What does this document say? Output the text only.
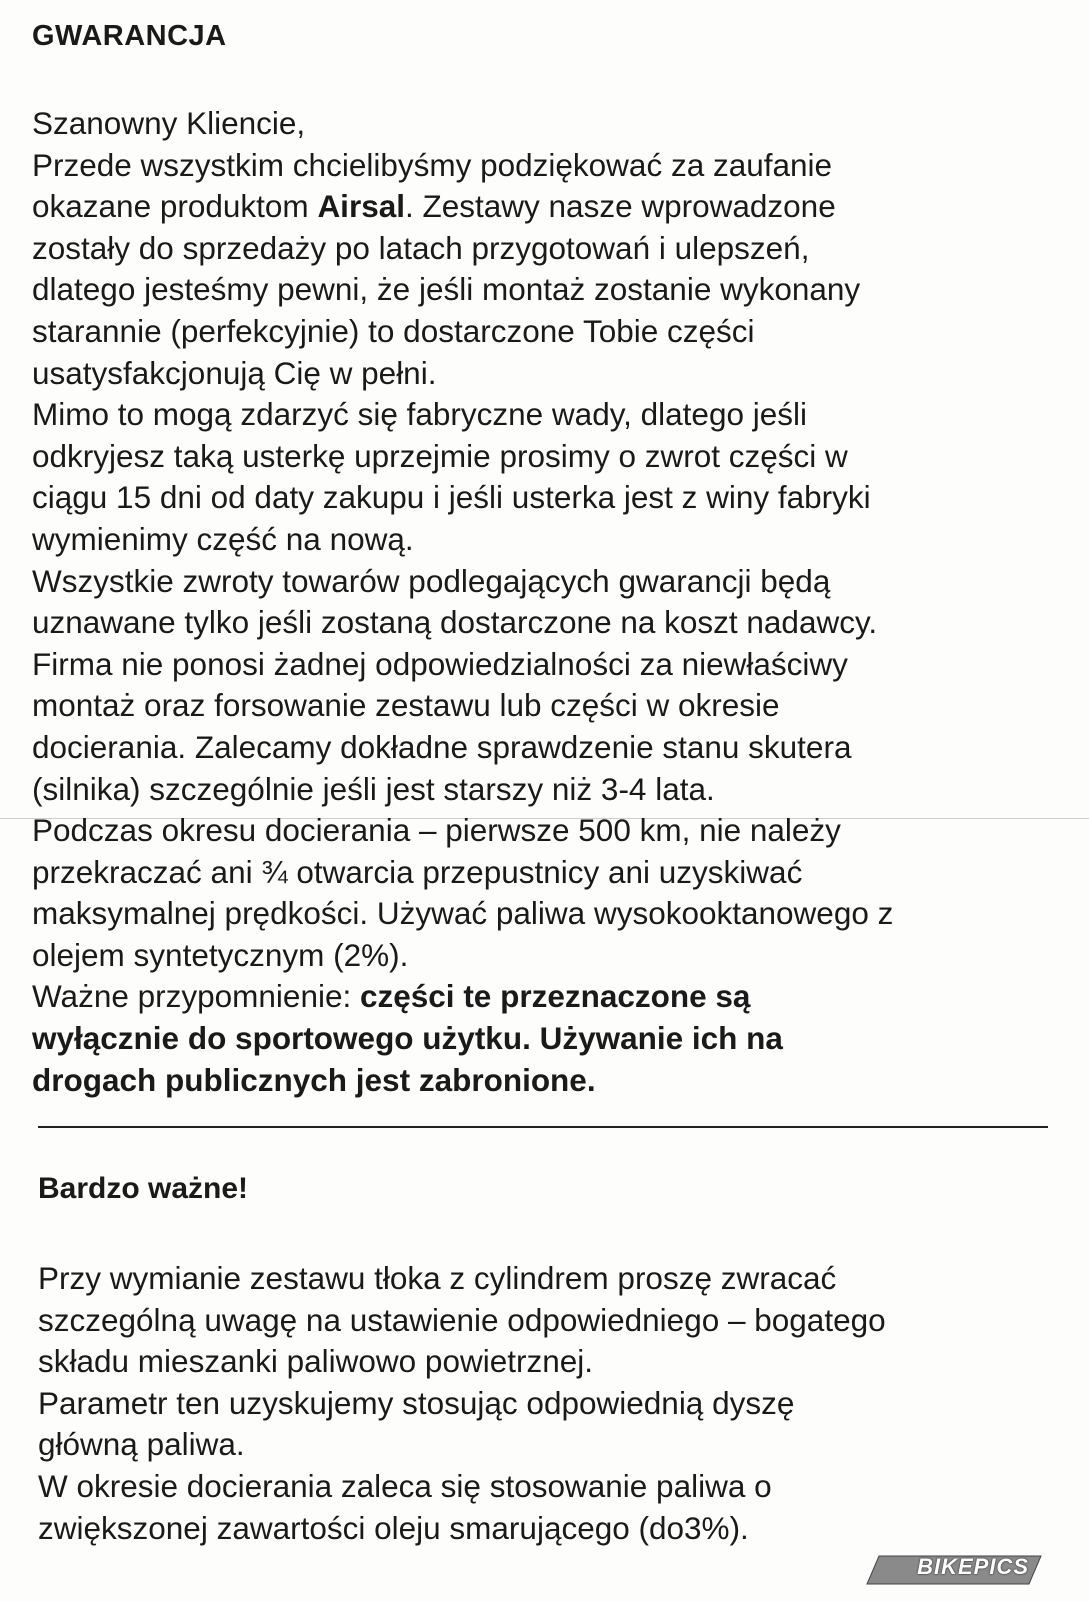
GWARANCJA
Szanowny Kliencie,
Przede wszystkim chcielibyśmy podziękować za zaufanie
okazane produktom Airsal. Zestawy nasze wprowadzone
zostały do sprzedaży po latach przygotowań i ulepszeń,
dlatego jesteśmy pewni, że jeśli montaż zostanie wykonany
starannie (perfekcyjnie) to dostarczone Tobie części
usatysfakcjonują Cię w pełni.
Mimo to mogą zdarzyć się fabryczne wady, dlatego jeśli
odkryjesz taką usterkę uprzejmie prosimy o zwrot części w
ciągu 15 dni od daty zakupu i jeśli usterka jest z winy fabryki
wymienimy część na nową.
Wszystkie zwroty towarów podlegających gwarancji będą
uznawane tylko jeśli zostaną dostarczone na koszt nadawcy.
Firma nie ponosi żadnej odpowiedzialności za niewłaściwy
montaż oraz forsowanie zestawu lub części w okresie
docierania. Zalecamy dokładne sprawdzenie stanu skutera
(silnika) szczególnie jeśli jest starszy niż 3-4 lata.
Podczas okresu docierania – pierwsze 500 km, nie należy
przekraczać ani ¾ otwarcia przepustnicy ani uzyskiwać
maksymalnej prędkości. Używać paliwa wysokooktanowego z
olejem syntetycznym (2%).
Ważne przypomnienie: części te przeznaczone są
wyłącznie do sportowego użytku. Używanie ich na
drogach publicznych jest zabronione.
Bardzo ważne!
Przy wymianie zestawu tłoka z cylindrem proszę zwracać
szczególną uwagę na ustawienie odpowiedniego – bogatego
składu mieszanki paliwowo powietrznej.
Parametr ten uzyskujemy stosując odpowiednią dyszę
główną paliwa.
W okresie docierania zaleca się stosowanie paliwa o
zwiększonej zawartości oleju smarującego (do3%).
BIKEPICS
